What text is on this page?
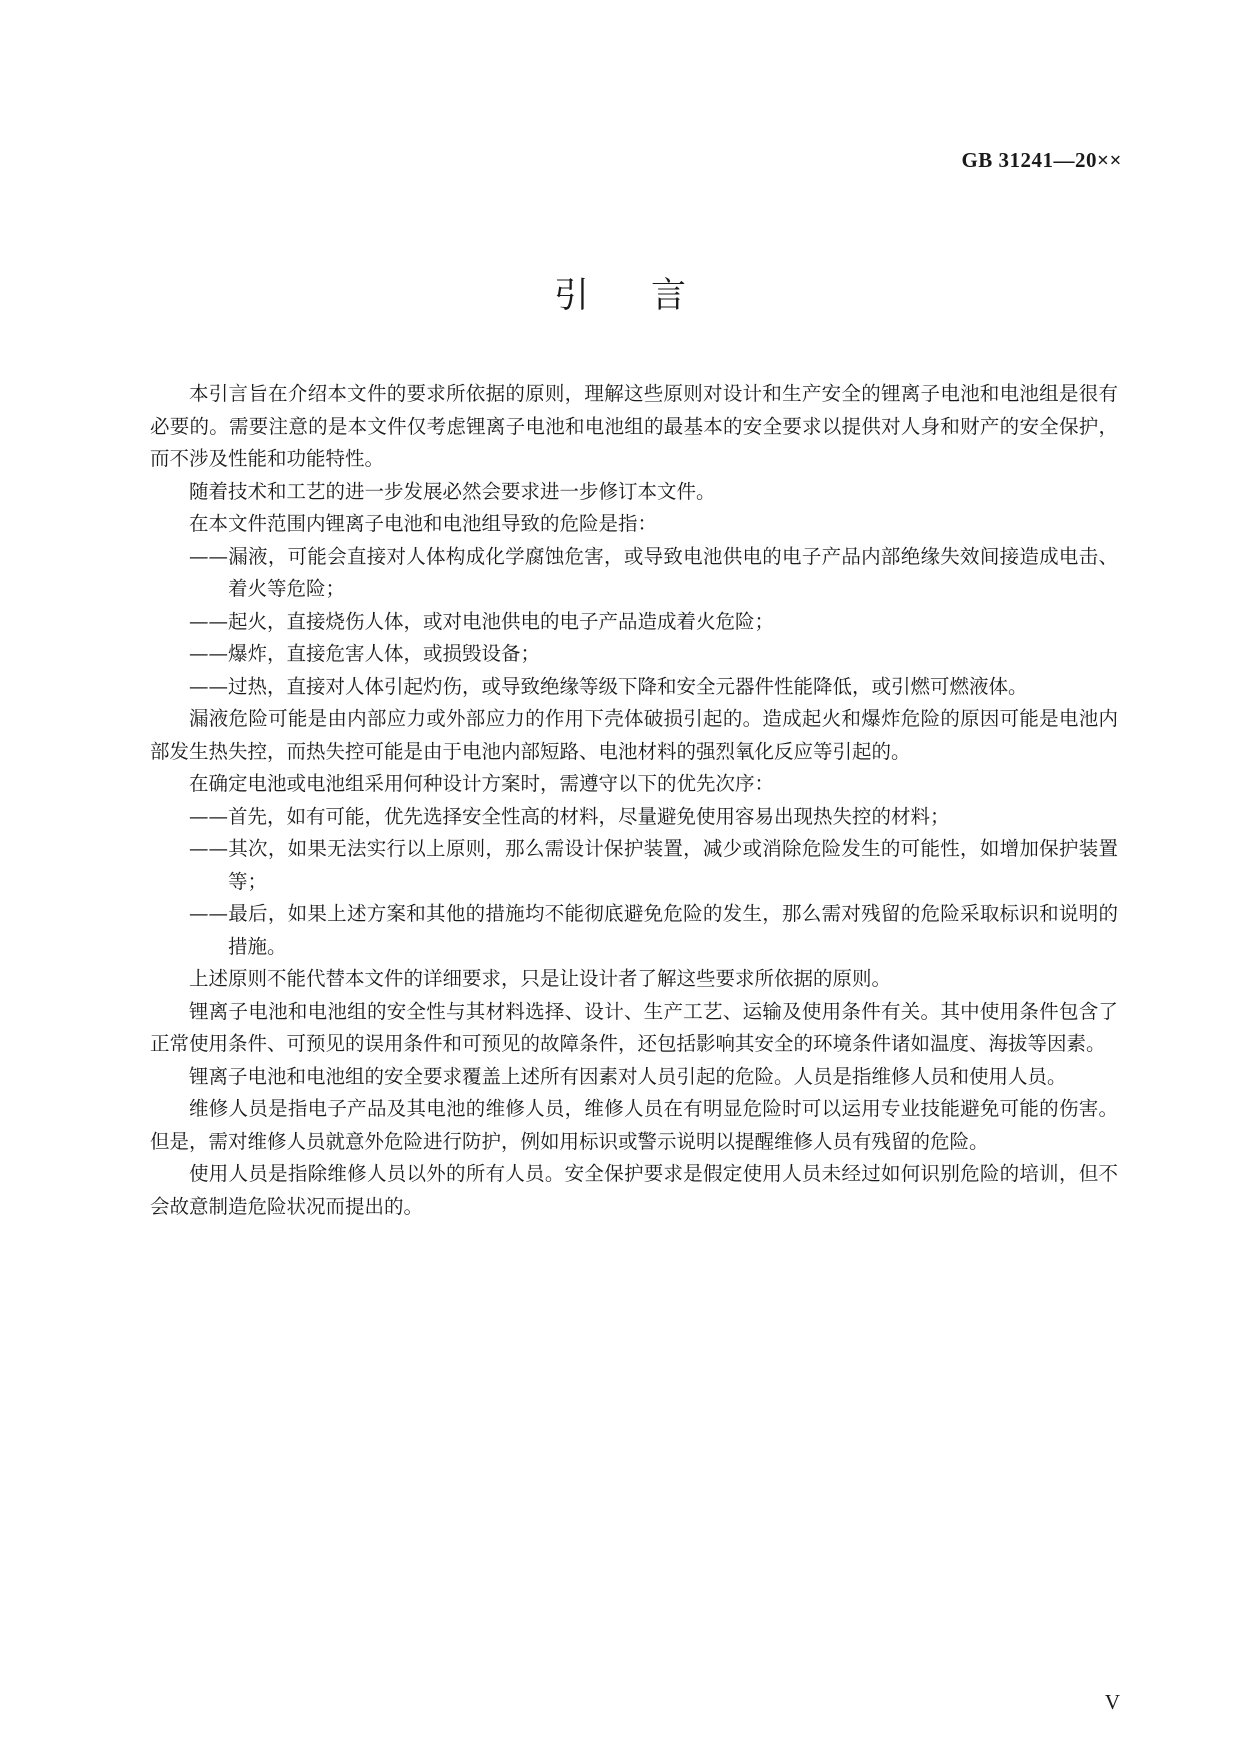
GB 31241—20××
引言

本引言旨在介绍本文件的要求所依据的原则，理解这些原则对设计和生产安全的锂离子电池和电池组是很有必要的。需要注意的是本文件仅考虑锂离子电池和电池组的最基本的安全要求以提供对人身和财产的安全保护，而不涉及性能和功能特性。

随着技术和工艺的进一步发展必然会要求进一步修订本文件。

在本文件范围内锂离子电池和电池组导致的危险是指：

——漏液，可能会直接对人体构成化学腐蚀危害，或导致电池供电的电子产品内部绝缘失效间接造成电击、着火等危险；

——起火，直接烧伤人体，或对电池供电的电子产品造成着火危险；

——爆炸，直接危害人体，或损毁设备；

——过热，直接对人体引起灼伤，或导致绝缘等级下降和安全元器件性能降低，或引燃可燃液体。

漏液危险可能是由内部应力或外部应力的作用下壳体破损引起的。造成起火和爆炸危险的原因可能是电池内部发生热失控，而热失控可能是由于电池内部短路、电池材料的强烈氧化反应等引起的。

在确定电池或电池组采用何种设计方案时，需遵守以下的优先次序：

——首先，如有可能，优先选择安全性高的材料，尽量避免使用容易出现热失控的材料；

——其次，如果无法实行以上原则，那么需设计保护装置，减少或消除危险发生的可能性，如增加保护装置等；

——最后，如果上述方案和其他的措施均不能彻底避免危险的发生，那么需对残留的危险采取标识和说明的措施。

上述原则不能代替本文件的详细要求，只是让设计者了解这些要求所依据的原则。

锂离子电池和电池组的安全性与其材料选择、设计、生产工艺、运输及使用条件有关。其中使用条件包含了正常使用条件、可预见的误用条件和可预见的故障条件，还包括影响其安全的环境条件诸如温度、海拔等因素。

锂离子电池和电池组的安全要求覆盖上述所有因素对人员引起的危险。人员是指维修人员和使用人员。

维修人员是指电子产品及其电池的维修人员，维修人员在有明显危险时可以运用专业技能避免可能的伤害。但是，需对维修人员就意外危险进行防护，例如用标识或警示说明以提醒维修人员有残留的危险。

使用人员是指除维修人员以外的所有人员。安全保护要求是假定使用人员未经过如何识别危险的培训，但不会故意制造危险状况而提出的。

V
